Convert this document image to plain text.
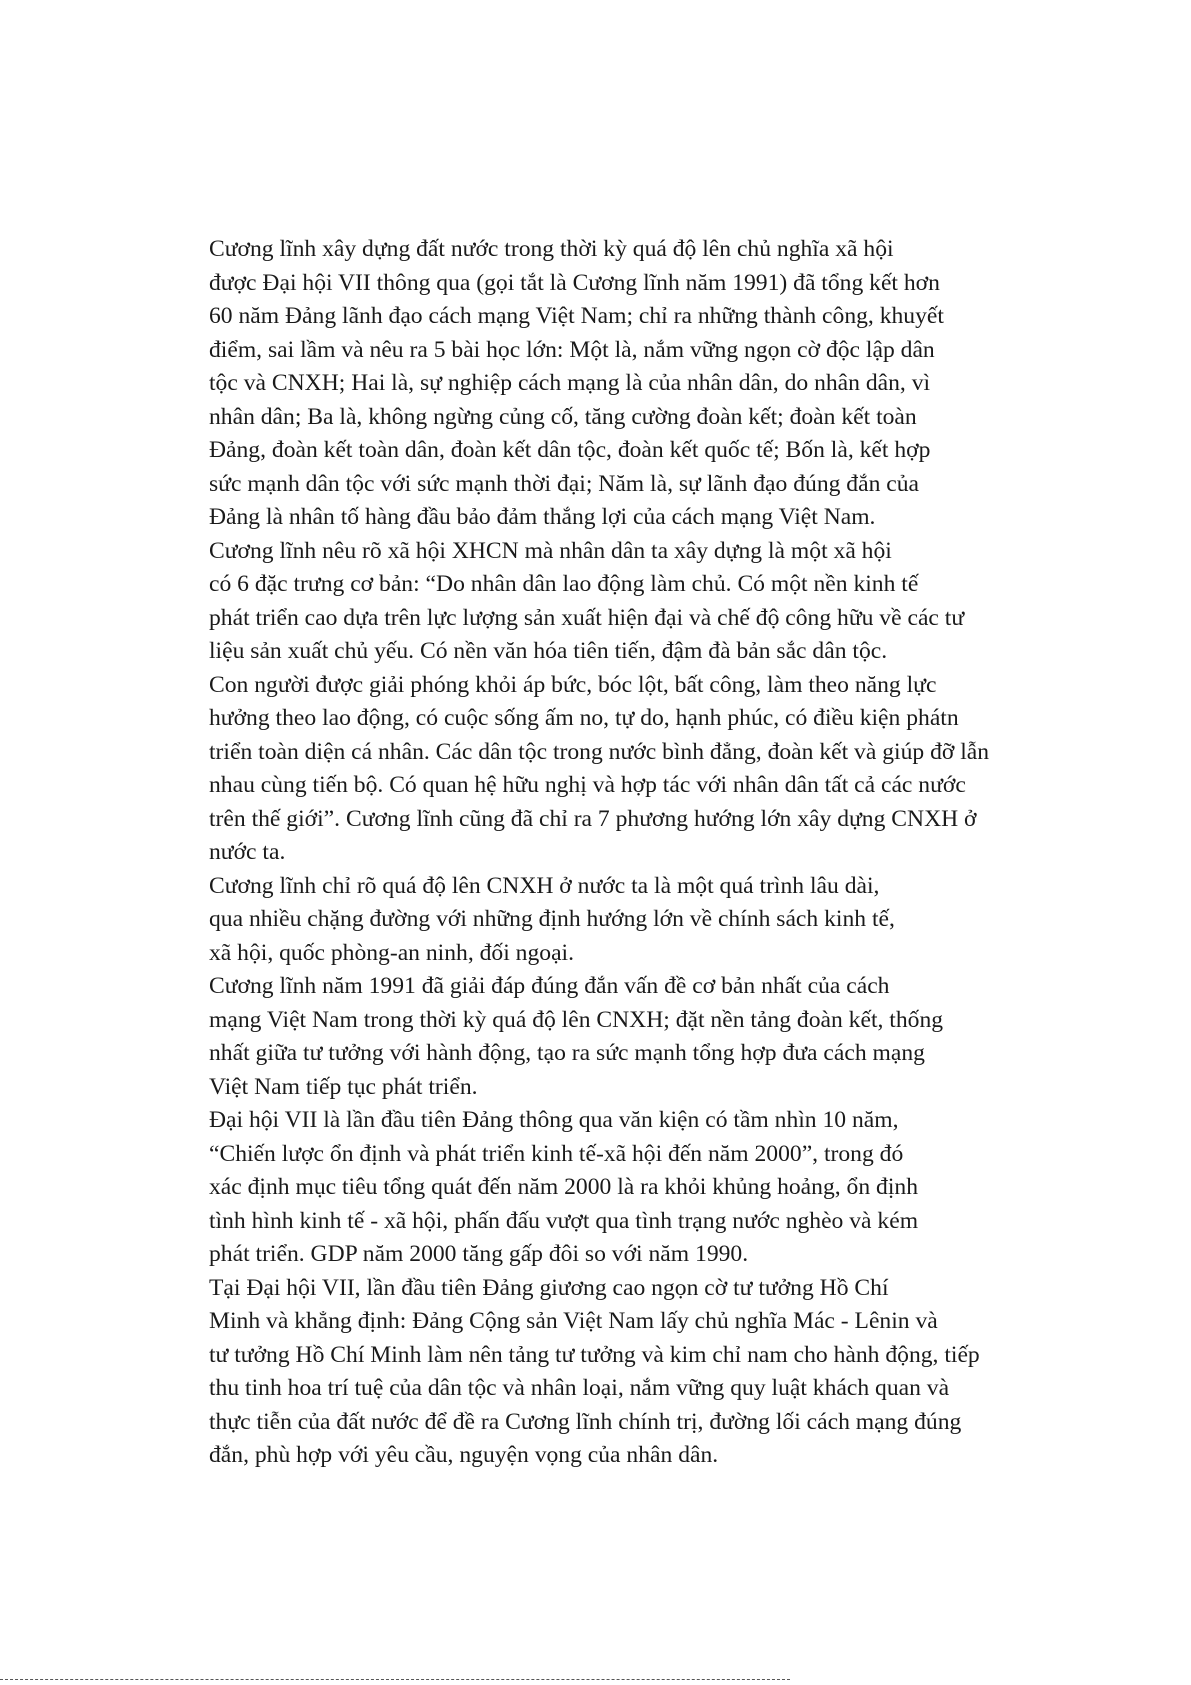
Cương lĩnh xây dựng đất nước trong thời kỳ quá độ lên chủ nghĩa xã hội
được Đại hội VII thông qua (gọi tắt là Cương lĩnh năm 1991) đã tổng kết hơn
60 năm Đảng lãnh đạo cách mạng Việt Nam; chỉ ra những thành công, khuyết
điểm, sai lầm và nêu ra 5 bài học lớn: Một là, nắm vững ngọn cờ độc lập dân
tộc và CNXH; Hai là, sự nghiệp cách mạng là của nhân dân, do nhân dân, vì
nhân dân; Ba là, không ngừng củng cố, tăng cường đoàn kết; đoàn kết toàn
Đảng, đoàn kết toàn dân, đoàn kết dân tộc, đoàn kết quốc tế; Bốn là, kết hợp
sức mạnh dân tộc với sức mạnh thời đại; Năm là, sự lãnh đạo đúng đắn của
Đảng là nhân tố hàng đầu bảo đảm thắng lợi của cách mạng Việt Nam.
Cương lĩnh nêu rõ xã hội XHCN mà nhân dân ta xây dựng là một xã hội
có 6 đặc trưng cơ bản: “Do nhân dân lao động làm chủ. Có một nền kinh tế
phát triển cao dựa trên lực lượng sản xuất hiện đại và chế độ công hữu về các tư
liệu sản xuất chủ yếu. Có nền văn hóa tiên tiến, đậm đà bản sắc dân tộc.
Con người được giải phóng khỏi áp bức, bóc lột, bất công, làm theo năng lực
hưởng theo lao động, có cuộc sống ấm no, tự do, hạnh phúc, có điều kiện phátn
triển toàn diện cá nhân. Các dân tộc trong nước bình đẳng, đoàn kết và giúp đỡ lẫn
nhau cùng tiến bộ. Có quan hệ hữu nghị và hợp tác với nhân dân tất cả các nước
trên thế giới”. Cương lĩnh cũng đã chỉ ra 7 phương hướng lớn xây dựng CNXH ở
nước ta.
Cương lĩnh chỉ rõ quá độ lên CNXH ở nước ta là một quá trình lâu dài,
qua nhiều chặng đường với những định hướng lớn về chính sách kinh tế,
xã hội, quốc phòng-an ninh, đối ngoại.
Cương lĩnh năm 1991 đã giải đáp đúng đắn vấn đề cơ bản nhất của cách
mạng Việt Nam trong thời kỳ quá độ lên CNXH; đặt nền tảng đoàn kết, thống
nhất giữa tư tưởng với hành động, tạo ra sức mạnh tổng hợp đưa cách mạng
Việt Nam tiếp tục phát triển.
Đại hội VII là lần đầu tiên Đảng thông qua văn kiện có tầm nhìn 10 năm,
“Chiến lược ổn định và phát triển kinh tế-xã hội đến năm 2000”, trong đó
xác định mục tiêu tổng quát đến năm 2000 là ra khỏi khủng hoảng, ổn định
tình hình kinh tế - xã hội, phấn đấu vượt qua tình trạng nước nghèo và kém
phát triển. GDP năm 2000 tăng gấp đôi so với năm 1990.
Tại Đại hội VII, lần đầu tiên Đảng giương cao ngọn cờ tư tưởng Hồ Chí
Minh và khẳng định: Đảng Cộng sản Việt Nam lấy chủ nghĩa Mác - Lênin và
tư tưởng Hồ Chí Minh làm nên tảng tư tưởng và kim chỉ nam cho hành động, tiếp
thu tinh hoa trí tuệ của dân tộc và nhân loại, nắm vững quy luật khách quan và
thực tiễn của đất nước để đề ra Cương lĩnh chính trị, đường lối cách mạng đúng
đắn, phù hợp với yêu cầu, nguyện vọng của nhân dân.
